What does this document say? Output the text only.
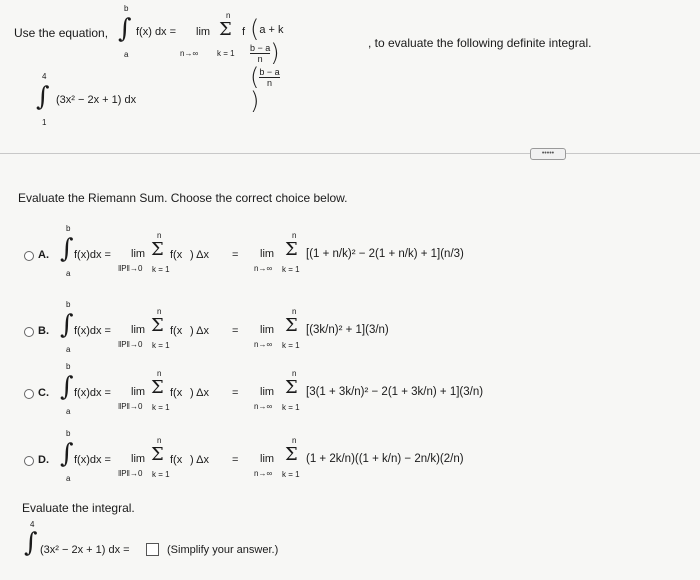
Use the equation,
b
∫
a
f(x) dx = lim
n→∞
n
Σ
k = 1
f (a + k
$\frac{b - a}{n}$ )( $\frac{b - a}{n}$
)
, to evaluate the following definite integral.
4
∫
1
(3x² − 2x + 1) dx
•••••
Evaluate the Riemann Sum. Choose the correct choice below.
A.
b
∫
a
f(x)dx = lim
‖P‖→0
n
Σ
k = 1
f(x ) Δx = lim
n→∞
n
Σ
k = 1
[(1 + n/k)² − 2(1 + n/k) + 1](n/3)
B.
b
∫
a
f(x)dx = lim
‖P‖→0
n
Σ
k = 1
f(x ) Δx = lim
n→∞
n
Σ
k = 1
[(3k/n)² + 1](3/n)
C.
b
∫
a
f(x)dx = lim
‖P‖→0
n
Σ
k = 1
f(x ) Δx = lim
n→∞
n
Σ
k = 1
[3(1 + 3k/n)² − 2(1 + 3k/n) + 1](3/n)
D.
b
∫
a
f(x)dx = lim
‖P‖→0
n
Σ
k = 1
f(x ) Δx = lim
n→∞
n
Σ
k = 1
(1 + 2k/n)((1 + k/n) − 2n/k)(2/n)
Evaluate the integral.
4
∫ (3x² − 2x + 1) dx =	(Simplify your answer.)
